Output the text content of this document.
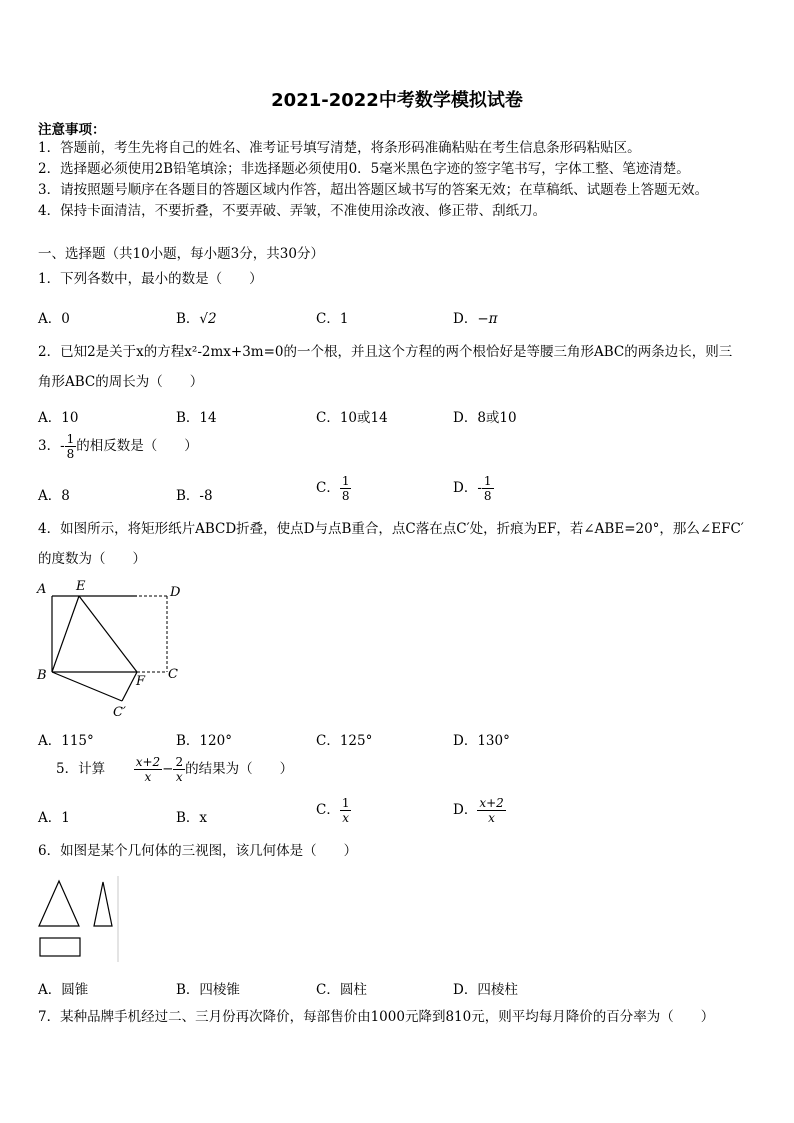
2021-2022中考数学模拟试卷
注意事项：
1．答题前，考生先将自己的姓名、准考证号填写清楚，将条形码准确粘贴在考生信息条形码粘贴区。
2．选择题必须使用2B铅笔填涂；非选择题必须使用0．5毫米黑色字迹的签字笔书写，字体工整、笔迹清楚。
3．请按照题号顺序在各题目的答题区域内作答，超出答题区域书写的答案无效；在草稿纸、试题卷上答题无效。
4．保持卡面清洁，不要折叠，不要弄破、弄皱，不准使用涂改液、修正带、刮纸刀。
一、选择题（共10小题，每小题3分，共30分）
1．下列各数中，最小的数是（　　）
A．0	B．√2	C．1	D．−π
2．已知2是关于x的方程x²-2mx+3m=0的一个根，并且这个方程的两个根恰好是等腰三角形ABC的两条边长，则三
角形ABC的周长为（　　）
A．10	B．14	C．10或14	D．8或10
3．- $\frac{1}{8}$ 的相反数是（　　）
A．8	B．-8	C． $\frac{1}{8}$	D．- $\frac{1}{8}$
4．如图所示，将矩形纸片ABCD折叠，使点D与点B重合，点C落在点C′处，折痕为EF，若∠ABE=20°，那么∠EFC′
的度数为（　　）
A E	D
B	F C
C′
A．115°	B．120°	C．125°	D．130°
5．计算 $\frac{x+2}{x} - \frac{2}{x}$ 的结果为（　　）
A．1	B．x	C． $\frac{1}{x}$	D． $\frac{x+2}{x}$
6．如图是某个几何体的三视图，该几何体是（　　）
A．圆锥	B．四棱锥	C．圆柱	D．四棱柱
7．某种品牌手机经过二、三月份再次降价，每部售价由1000元降到810元，则平均每月降价的百分率为（　　）
